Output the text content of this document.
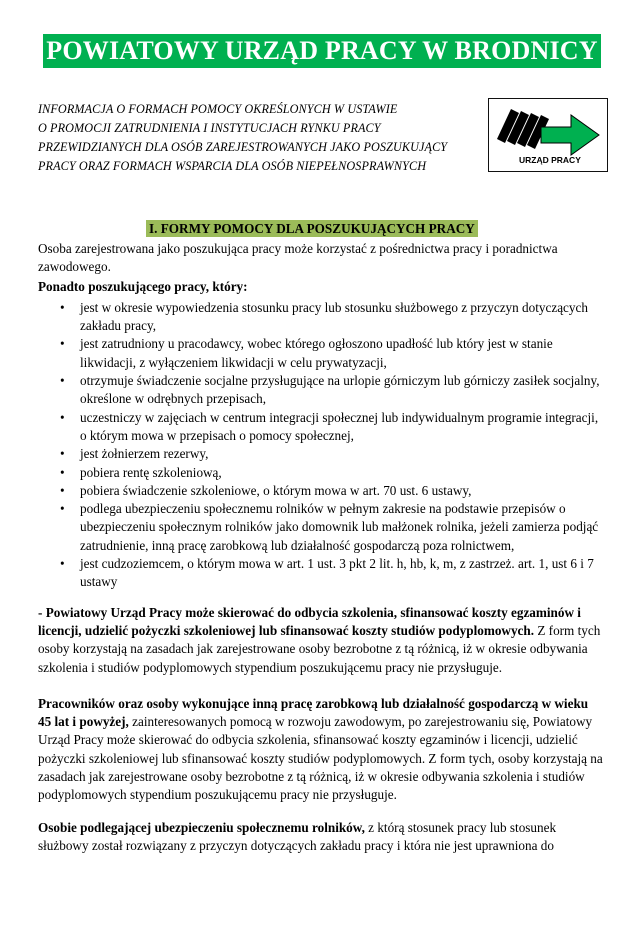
POWIATOWY URZĄD PRACY W BRODNICY
INFORMACJA O FORMACH POMOCY OKREŚLONYCH W USTAWIE
O PROMOCJI ZATRUDNIENIA I INSTYTUCJACH RYNKU PRACY
PRZEWIDZIANYCH DLA OSÓB ZAREJESTROWANYCH JAKO POSZUKUJĄCY
PRACY ORAZ FORMACH WSPARCIA DLA OSÓB NIEPEŁNOSPRAWNYCH	URZĄD PRACY
I. FORMY POMOCY DLA POSZUKUJĄCYCH PRACY

Osoba zarejestrowana jako poszukująca pracy może korzystać z pośrednictwa pracy i poradnictwa zawodowego.

Ponadto poszukującego pracy, który:

• jest w okresie wypowiedzenia stosunku pracy lub stosunku służbowego z przyczyn dotyczących zakładu pracy,
• jest zatrudniony u pracodawcy, wobec którego ogłoszono upadłość lub który jest w stanie likwidacji, z wyłączeniem likwidacji w celu prywatyzacji,
• otrzymuje świadczenie socjalne przysługujące na urlopie górniczym lub górniczy zasiłek socjalny, określone w odrębnych przepisach,
• uczestniczy w zajęciach w centrum integracji społecznej lub indywidualnym programie integracji, o którym mowa w przepisach o pomocy społecznej,
• jest żołnierzem rezerwy,
• pobiera rentę szkoleniową,
• pobiera świadczenie szkoleniowe, o którym mowa w art. 70 ust. 6 ustawy,
• podlega ubezpieczeniu społecznemu rolników w pełnym zakresie na podstawie przepisów o ubezpieczeniu społecznym rolników jako domownik lub małżonek rolnika, jeżeli zamierza podjąć zatrudnienie, inną pracę zarobkową lub działalność gospodarczą poza rolnictwem,
• jest cudzoziemcem, o którym mowa w art. 1 ust. 3 pkt 2 lit. h, hb, k, m, z zastrzeż. art. 1, ust 6 i 7 ustawy

- Powiatowy Urząd Pracy może skierować do odbycia szkolenia, sfinansować koszty egzaminów i licencji, udzielić pożyczki szkoleniowej lub sfinansować koszty studiów podyplomowych. Z form tych osoby korzystają na zasadach jak zarejestrowane osoby bezrobotne z tą różnicą, iż w okresie odbywania szkolenia i studiów podyplomowych stypendium poszukującemu pracy nie przysługuje.

Pracowników oraz osoby wykonujące inną pracę zarobkową lub działalność gospodarczą w wieku 45 lat i powyżej, zainteresowanych pomocą w rozwoju zawodowym, po zarejestrowaniu się, Powiatowy Urząd Pracy może skierować do odbycia szkolenia, sfinansować koszty egzaminów i licencji, udzielić pożyczki szkoleniowej lub sfinansować koszty studiów podyplomowych. Z form tych, osoby korzystają na zasadach jak zarejestrowane osoby bezrobotne z tą różnicą, iż w okresie odbywania szkolenia i studiów podyplomowych stypendium poszukującemu pracy nie przysługuje.

Osobie podlegającej ubezpieczeniu społecznemu rolników, z którą stosunek pracy lub stosunek służbowy został rozwiązany z przyczyn dotyczących zakładu pracy i która nie jest uprawniona do
